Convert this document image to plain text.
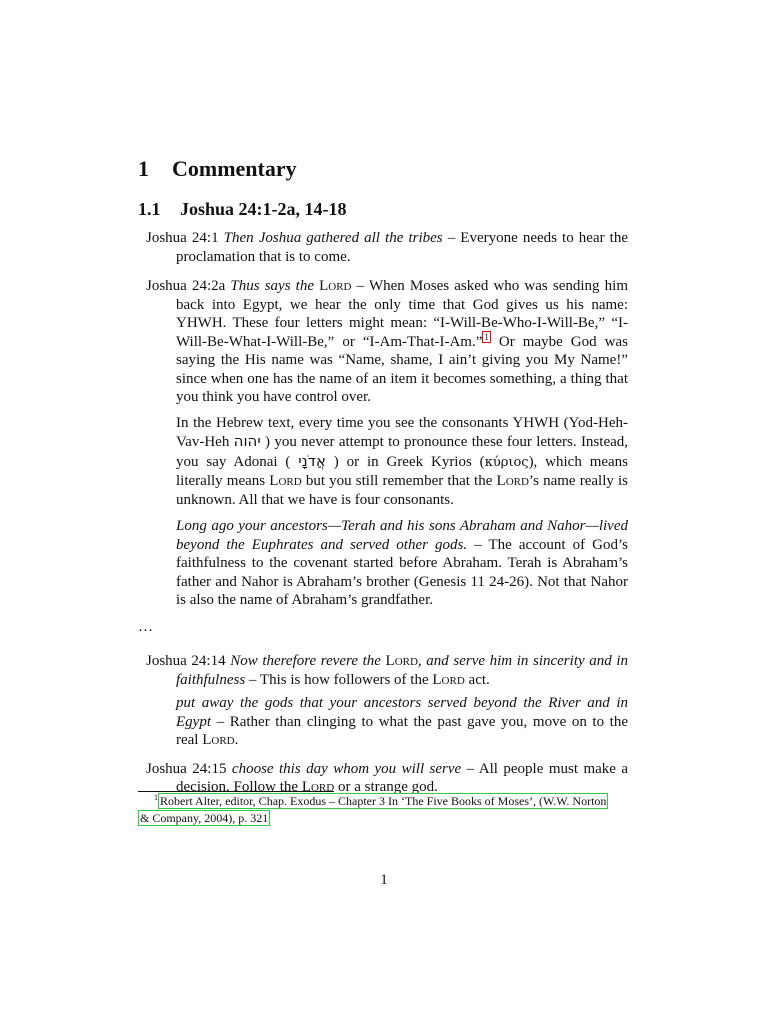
1 Commentary
1.1 Joshua 24:1-2a, 14-18

Joshua 24:1 Then Joshua gathered all the tribes – Everyone needs to hear the proclamation that is to come.

Joshua 24:2a Thus says the Lord – When Moses asked who was sending him back into Egypt, we hear the only time that God gives us his name: YHWH. These four letters might mean: “I-Will-Be-Who-I-Will-Be,” “I-Will-Be-What-I-Will-Be,” or “I-Am-That-I-Am.” $^1$ Or maybe God was saying the His name was “Name, shame, I ain’t giving you My Name!” since when one has the name of an item it becomes something, a thing that you think you have control over.

In the Hebrew text, every time you see the consonants YHWH (Yod-Heh-Vav-Heh יהוה ) you never attempt to pronounce these four letters. Instead, you say Adonai ( אֲדֹנָי ) or in Greek Kyrios (κύριος), which means literally means Lord but you still remember that the Lord’s name really is unknown. All that we have is four consonants.

Long ago your ancestors—Terah and his sons Abraham and Nahor—lived beyond the Euphrates and served other gods. – The account of God’s faithfulness to the covenant started before Abraham. Terah is Abraham’s father and Nahor is Abraham’s brother (Genesis 11 24-26). Not that Nahor is also the name of Abraham’s grandfather.

…

Joshua 24:14 Now therefore revere the Lord, and serve him in sincerity and in faithfulness – This is how followers of the Lord act.

put away the gods that your ancestors served beyond the River and in Egypt – Rather than clinging to what the past gave you, move on to the real Lord.

Joshua 24:15 choose this day whom you will serve – All people must make a decision. Follow the Lord or a strange god.

$^1$ Robert Alter, editor, Chap. Exodus – Chapter 3 In ‘The Five Books of Moses’, (W.W. Norton
& Company, 2004), p. 321
1
